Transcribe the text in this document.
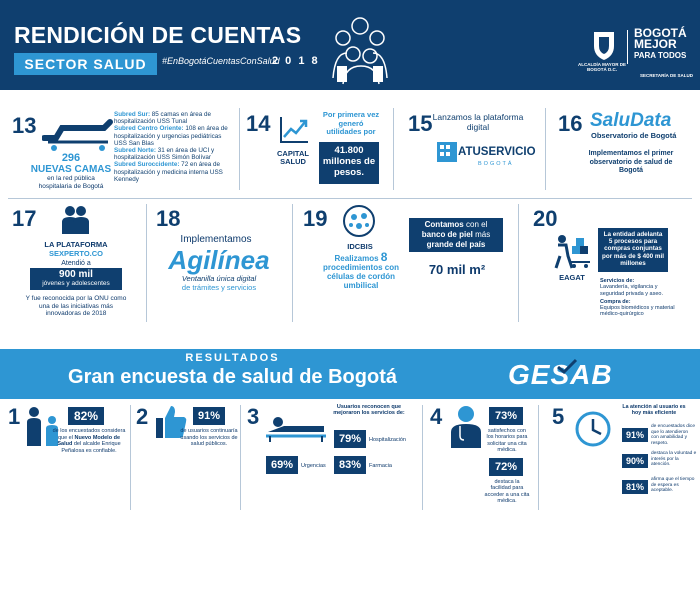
RENDICIÓN DE CUENTAS
SECTOR SALUD	#EnBogotáCuentasConSalud
2 0 1 8	ALCALDÍA MAYOR DE BOGOTÁ D.C.
BOGOTÁ
MEJOR
PARA TODOS
SECRETARÍA DE SALUD
13
296
NUEVAS CAMAS
en la red pública hospitalaria de Bogotá
Subred Sur: 85 camas en área de hospitalización USS Tunal
Subred Centro Oriente: 108 en área de hospitalización y urgencias pediátricas USS San Blas
Subred Norte: 31 en área de UCI y hospitalización USS Simón Bolívar
Subred Suroccidente: 72 en área de hospitalización y medicina interna USS Kennedy
14
CAPITAL SALUD
Por primera vez generó utilidades por
41.800 millones de pesos.
15 Lanzamos la plataforma digital
ATUSERVICIO
BOGOTÁ
16 SaluData
Observatorio de Bogotá
Implementamos el primer observatorio de salud de Bogotá
17
LA PLATAFORMA
SEXPERTO.CO
Atendió a
900 mil
jóvenes y adolescentes
Y fue reconocida por la ONU como una de las iniciativas más innovadoras de 2018
18
Implementamos
Agilínea
Ventanilla única digital
de trámites y servicios
19
IDCBIS
Realizamos 8 procedimientos con células de cordón umbilical
Contamos con el banco de piel más grande del país
70 mil m²
20
EAGAT
La entidad adelanta 5 procesos para compras conjuntas por más de $ 400 mil millones
Servicios de:
Lavandería, vigilancia y seguridad privada y aseo.
Compra de:
Equipos biomédicos y material médico-quirúrgico
RESULTADOS
Gran encuesta de salud de Bogotá	GESAB
1	82%
de los encuestados considera que el Nuevo Modelo de Salud del alcalde Enrique Peñalosa es confiable.
2	91%
de usuarios continuaría usando los servicios de salud públicos.
3	Usuarios reconocen que mejoraron los servicios de:
79%	Hospitalización
69%	Urgencias	83%	Farmacia
4	73%
satisfechos con los horarios para solicitar una cita médica.
72%
destaca la facilidad para acceder a una cita médica.
5	La atención al usuario es hoy más eficiente
91%
de encuestados dice que lo atendieron con amabilidad y respeto.
90%
destaca la voluntad e interés por la atención.
81%
afirma que el tiempo de espera es aceptable.
